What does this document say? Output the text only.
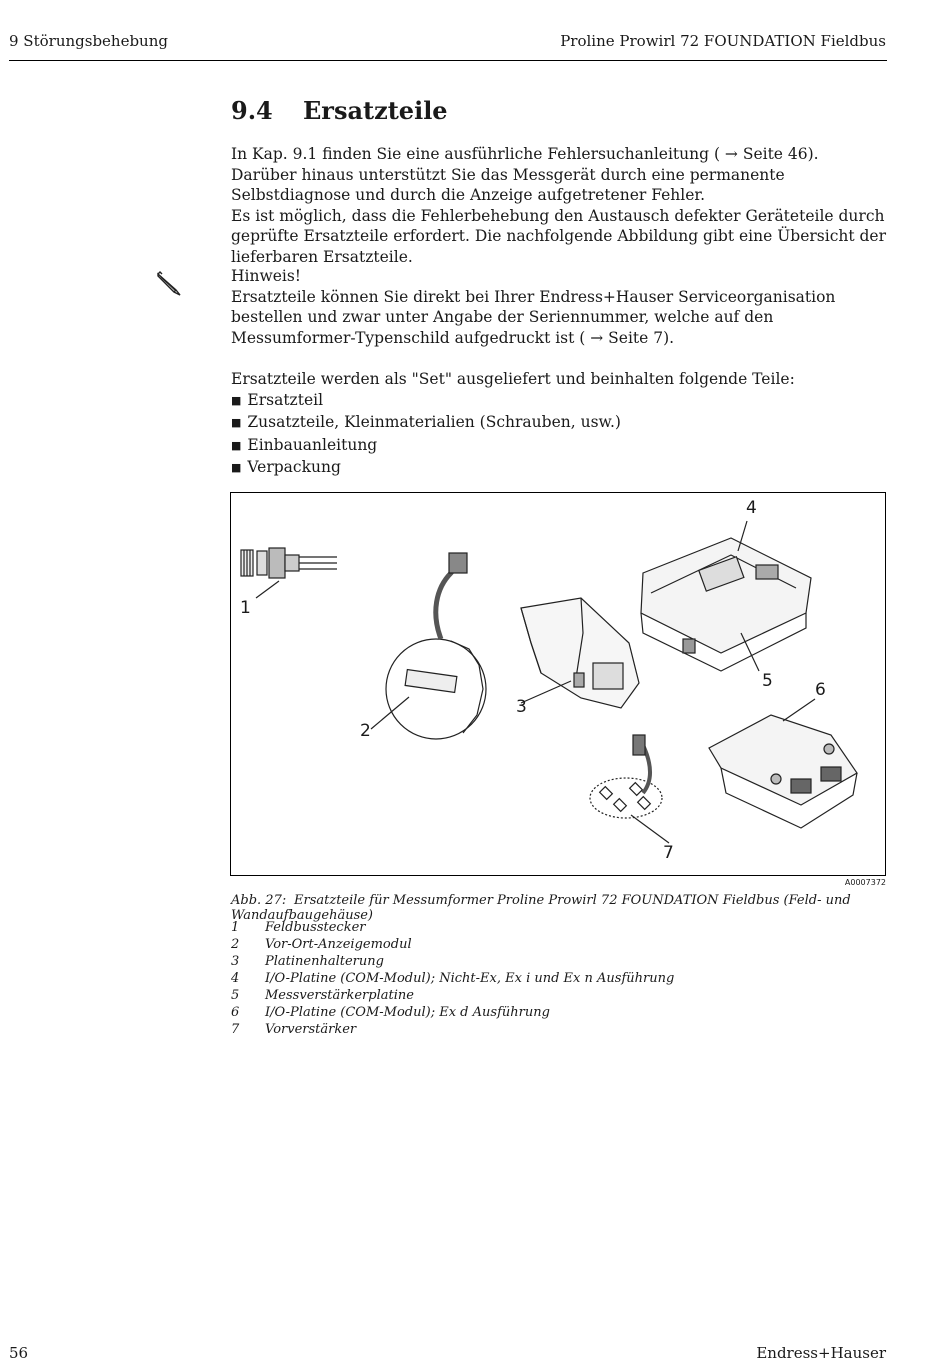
9 Störungsbehebung	Proline Prowirl 72 FOUNDATION Fieldbus
9.4 Ersatzteile

In Kap. 9.1 finden Sie eine ausführliche Fehlersuchanleitung ( → Seite 46).

Darüber hinaus unterstützt Sie das Messgerät durch eine permanente Selbstdiagnose und durch die Anzeige aufgetretener Fehler.

Es ist möglich, dass die Fehlerbehebung den Austausch defekter Geräteteile durch geprüfte Ersatzteile erfordert. Die nachfolgende Abbildung gibt eine Übersicht der lieferbaren Ersatzteile.

Hinweis!

Ersatzteile können Sie direkt bei Ihrer Endress+Hauser Serviceorganisation bestellen und zwar unter Angabe der Seriennummer, welche auf den Messumformer-Typenschild aufgedruckt ist ( → Seite 7).

Ersatzteile werden als "Set" ausgeliefert und beinhalten folgende Teile:

■ Ersatzteil
■ Zusatzteile, Kleinmaterialien (Schrauben, usw.)
■ Einbauanleitung
■ Verpackung
1
2
3
4
5 6
7
A0007372
Abb. 27: Ersatzteile für Messumformer Proline Prowirl 72 FOUNDATION Fieldbus (Feld- und Wandaufbaugehäuse)
1	Feldbusstecker
2	Vor-Ort-Anzeigemodul
3	Platinenhalterung
4	I/O-Platine (COM-Modul); Nicht-Ex, Ex i und Ex n Ausführung
5	Messverstärkerplatine
6	I/O-Platine (COM-Modul); Ex d Ausführung
7	Vorverstärker
56	Endress+Hauser
